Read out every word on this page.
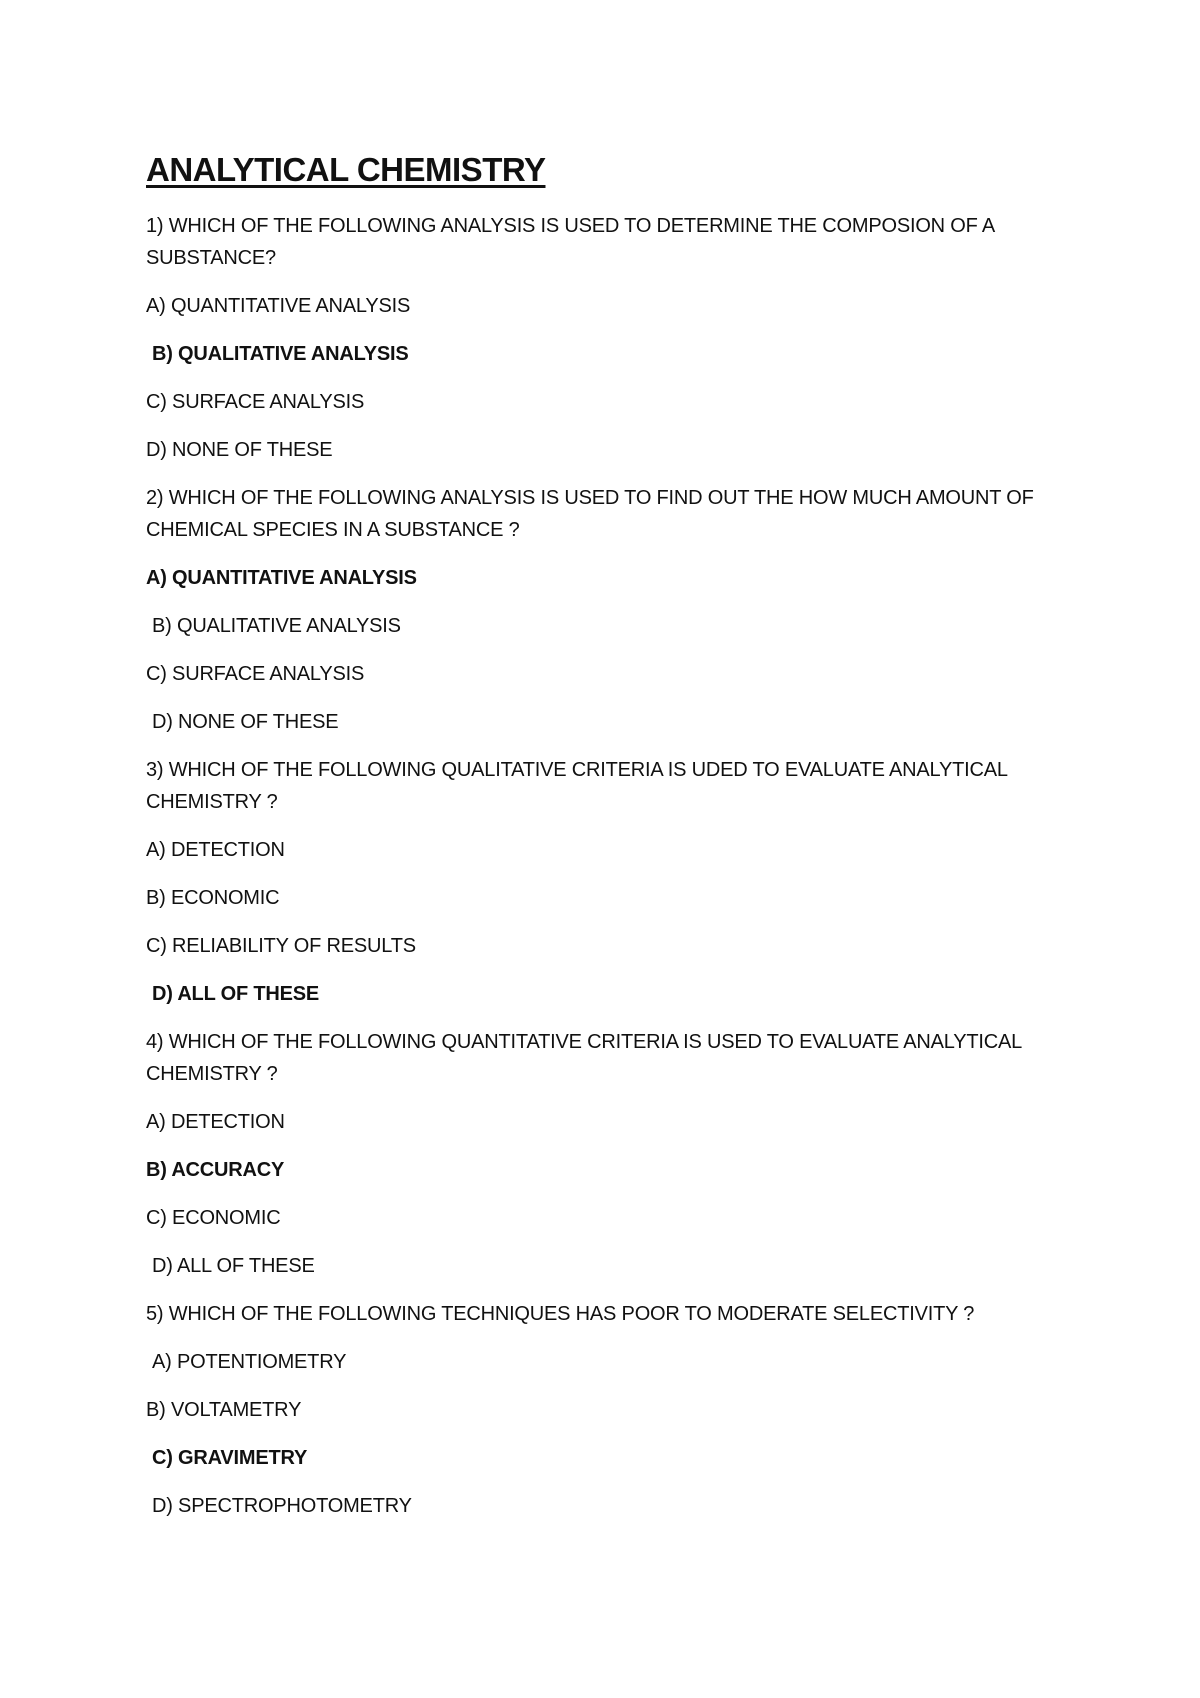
ANALYTICAL CHEMISTRY

1) WHICH OF THE FOLLOWING ANALYSIS IS USED TO DETERMINE THE COMPOSION OF A SUBSTANCE?

A) QUANTITATIVE ANALYSIS
B) QUALITATIVE ANALYSIS
C) SURFACE ANALYSIS
D) NONE OF THESE

2) WHICH OF THE FOLLOWING ANALYSIS IS USED TO FIND OUT THE HOW MUCH AMOUNT OF CHEMICAL SPECIES IN A SUBSTANCE ?

A) QUANTITATIVE ANALYSIS
B) QUALITATIVE ANALYSIS
C) SURFACE ANALYSIS
D) NONE OF THESE

3) WHICH OF THE FOLLOWING QUALITATIVE CRITERIA IS UDED TO EVALUATE ANALYTICAL CHEMISTRY ?

A) DETECTION
B) ECONOMIC
C) RELIABILITY OF RESULTS
D) ALL OF THESE

4) WHICH OF THE FOLLOWING QUANTITATIVE CRITERIA IS USED TO EVALUATE ANALYTICAL CHEMISTRY ?

A) DETECTION
B) ACCURACY
C) ECONOMIC
D) ALL OF THESE

5) WHICH OF THE FOLLOWING TECHNIQUES HAS POOR TO MODERATE SELECTIVITY ?

A) POTENTIOMETRY
B) VOLTAMETRY
C) GRAVIMETRY
D) SPECTROPHOTOMETRY
